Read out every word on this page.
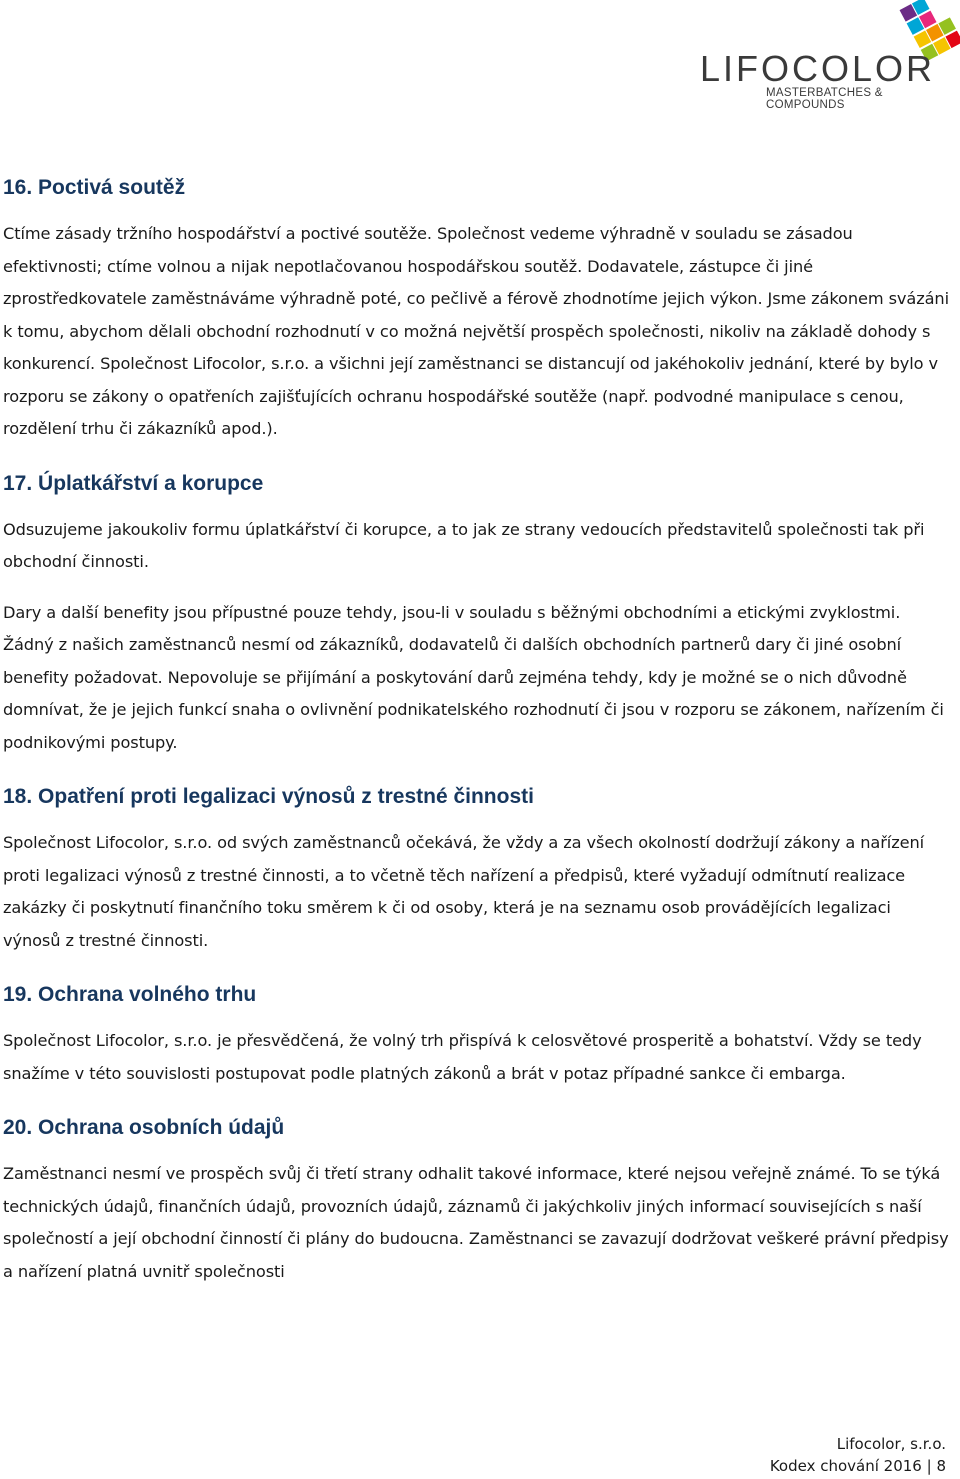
LIFOCOLOR
MASTERBATCHES & COMPOUNDS
16. Poctivá soutěž

Ctíme zásady tržního hospodářství a poctivé soutěže. Společnost vedeme výhradně v souladu se zásadou efektivnosti; ctíme volnou a nijak nepotlačovanou hospodářskou soutěž. Dodavatele, zástupce či jiné zprostředkovatele zaměstnáváme výhradně poté, co pečlivě a férově zhodnotíme jejich výkon. Jsme zákonem svázáni k tomu, abychom dělali obchodní rozhodnutí v co možná největší prospěch společnosti, nikoliv na základě dohody s konkurencí. Společnost Lifocolor, s.r.o. a všichni její zaměstnanci se distancují od jakéhokoliv jednání, které by bylo v rozporu se zákony o opatřeních zajišťujících ochranu hospodářské soutěže (např. podvodné manipulace s cenou, rozdělení trhu či zákazníků apod.).

17. Úplatkářství a korupce

Odsuzujeme jakoukoliv formu úplatkářství či korupce, a to jak ze strany vedoucích představitelů společnosti tak při obchodní činnosti.

Dary a další benefity jsou přípustné pouze tehdy, jsou-li v souladu s běžnými obchodními a etickými zvyklostmi. Žádný z našich zaměstnanců nesmí od zákazníků, dodavatelů či dalších obchodních partnerů dary či jiné osobní benefity požadovat. Nepovoluje se přijímání a poskytování darů zejména tehdy, kdy je možné se o nich důvodně domnívat, že je jejich funkcí snaha o ovlivnění podnikatelského rozhodnutí či jsou v rozporu se zákonem, nařízením či podnikovými postupy.

18. Opatření proti legalizaci výnosů z trestné činnosti

Společnost Lifocolor, s.r.o. od svých zaměstnanců očekává, že vždy a za všech okolností dodržují zákony a nařízení proti legalizaci výnosů z trestné činnosti, a to včetně těch nařízení a předpisů, které vyžadují odmítnutí realizace zakázky či poskytnutí finančního toku směrem k či od osoby, která je na seznamu osob provádějících legalizaci výnosů z trestné činnosti.

19. Ochrana volného trhu

Společnost Lifocolor, s.r.o. je přesvědčená, že volný trh přispívá k celosvětové prosperitě a bohatství. Vždy se tedy snažíme v této souvislosti postupovat podle platných zákonů a brát v potaz případné sankce či embarga.

20. Ochrana osobních údajů

Zaměstnanci nesmí ve prospěch svůj či třetí strany odhalit takové informace, které nejsou veřejně známé. To se týká technických údajů, finančních údajů, provozních údajů, záznamů či jakýchkoliv jiných informací souvisejících s naší společností a její obchodní činností či plány do budoucna. Zaměstnanci se zavazují dodržovat veškeré právní předpisy a nařízení platná uvnitř společnosti

Lifocolor, s.r.o.
Kodex chování 2016 | 8
